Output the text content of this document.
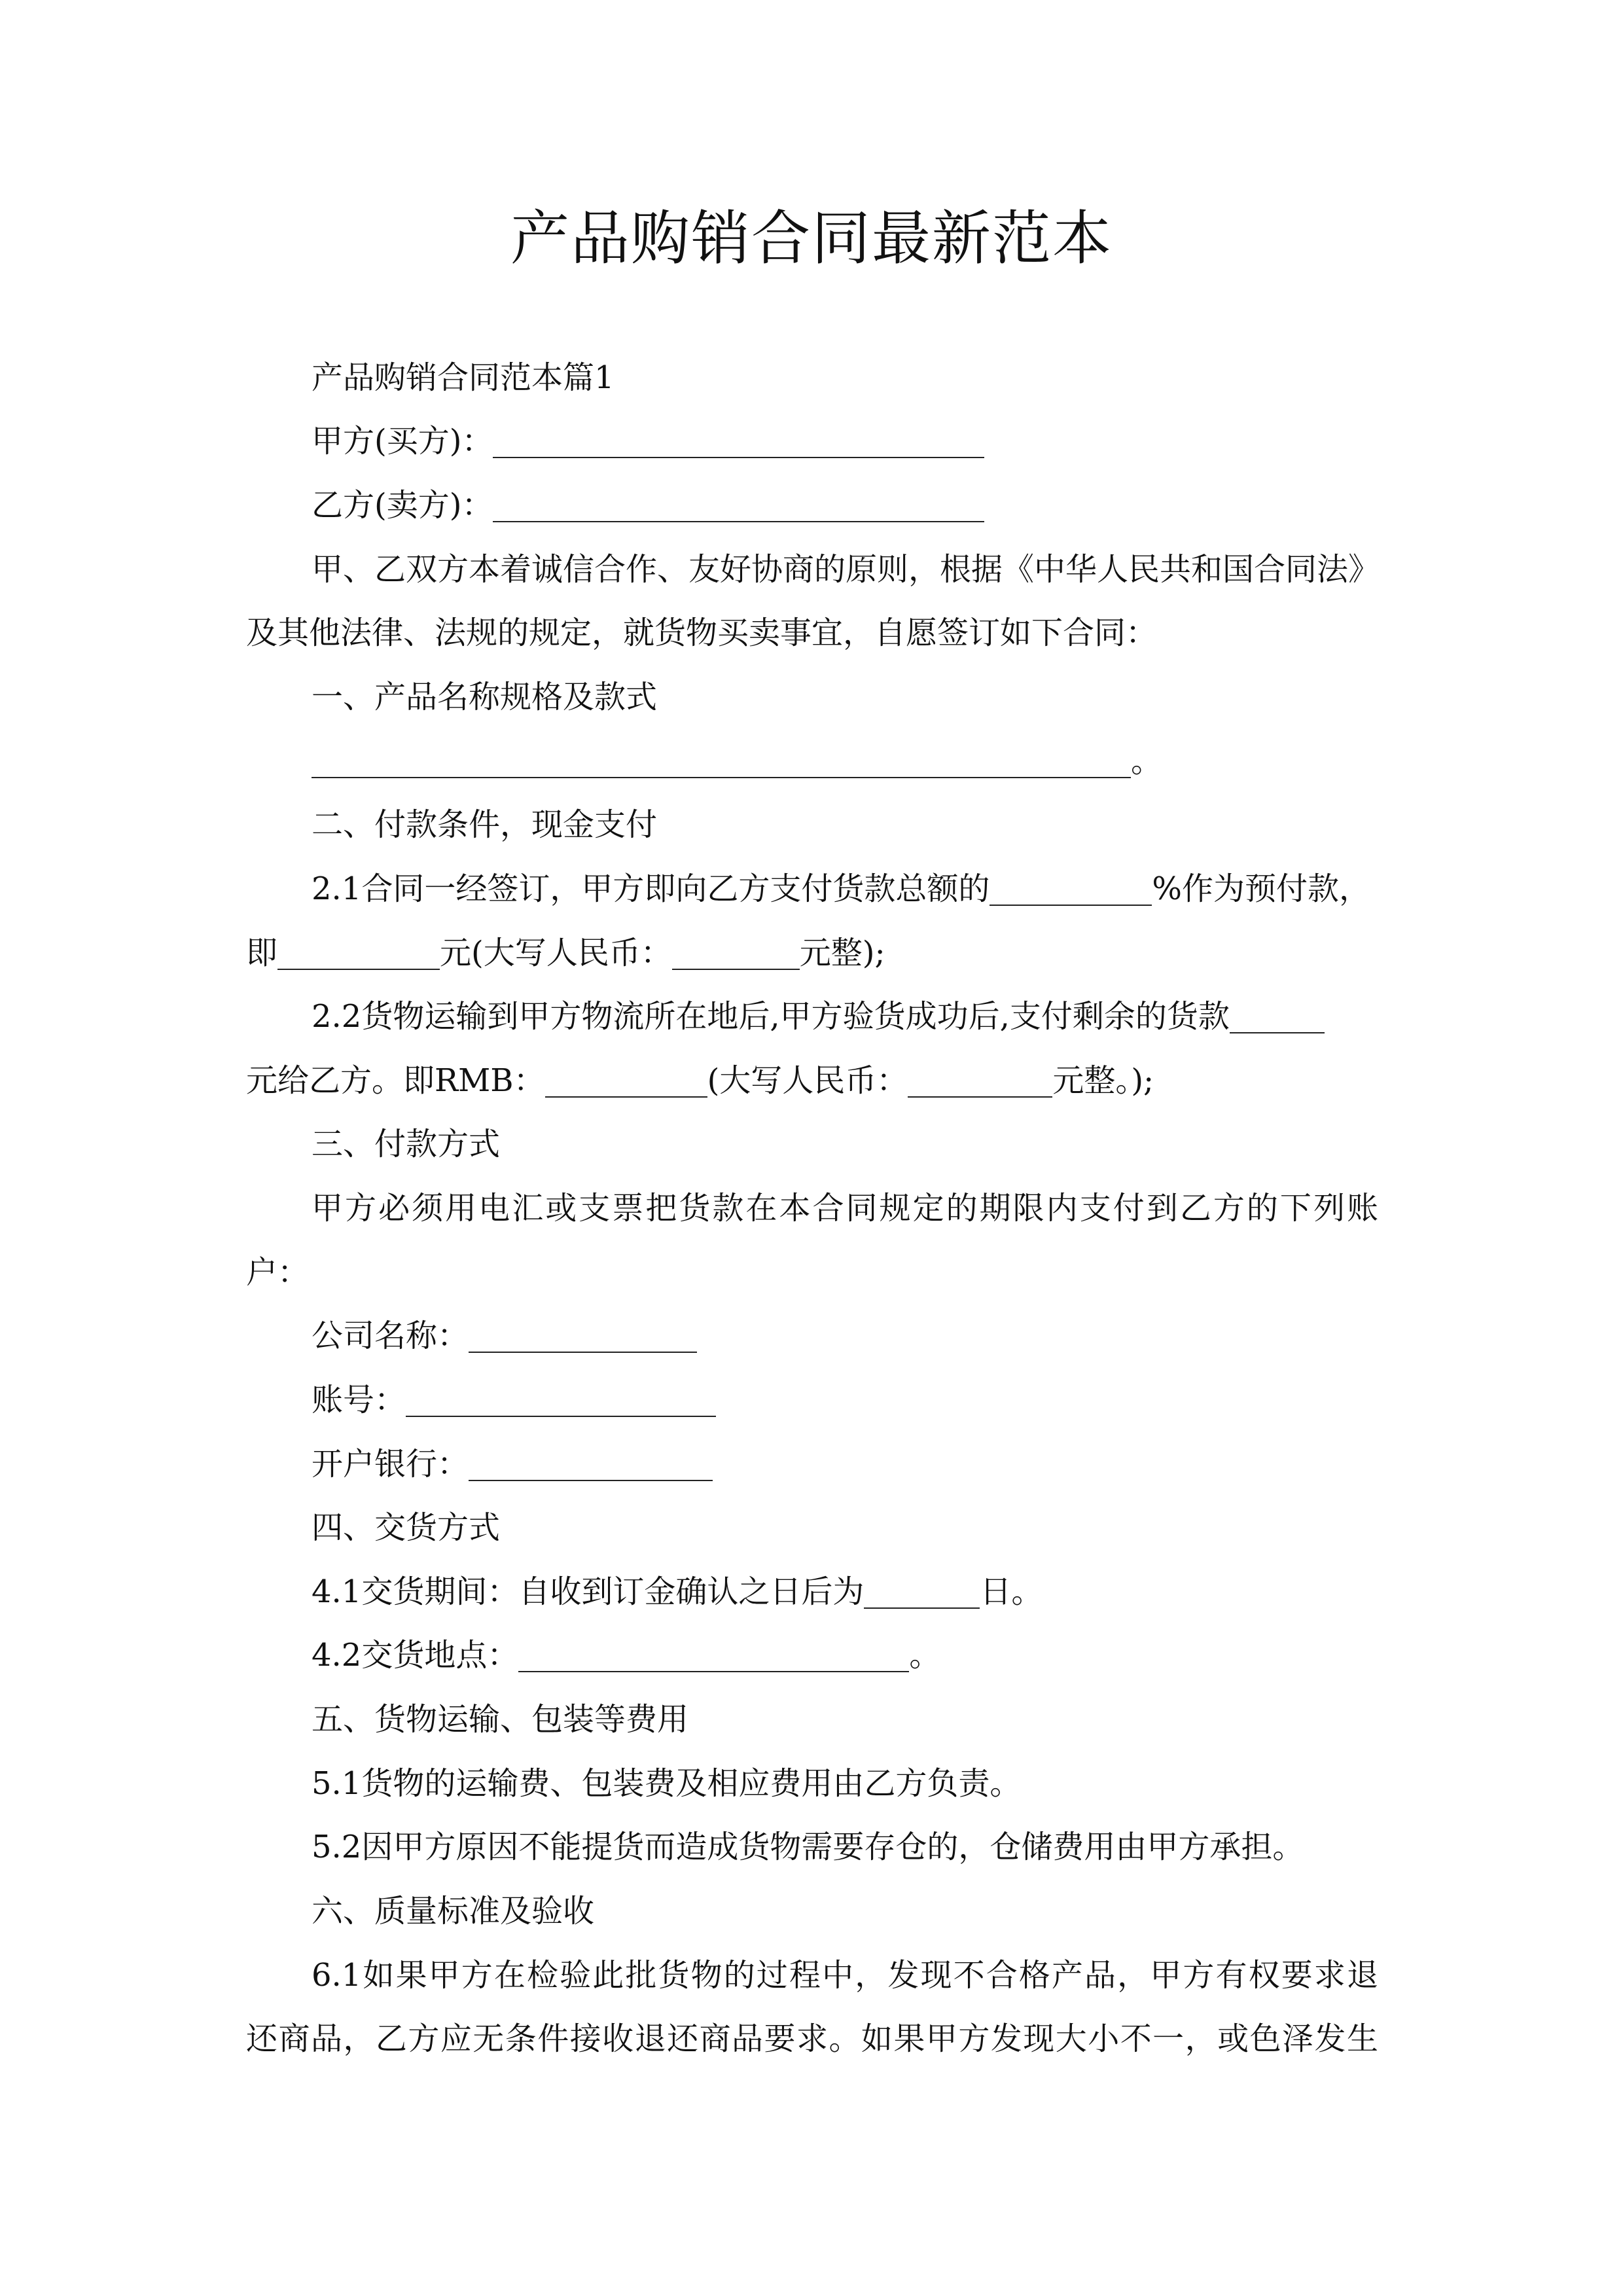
产品购销合同最新范本
产品购销合同范本篇1
甲方(买方)：
乙方(卖方)：
甲、乙双方本着诚信合作、友好协商的原则，根据《中华人民共和国合同法》
及其他法律、法规的规定，就货物买卖事宜，自愿签订如下合同：
一、产品名称规格及款式
。
二、付款条件，现金支付
2.1合同一经签订，甲方即向乙方支付货款总额的	%作为预付款，
即	元(大写人民币：	元整);
2.2货物运输到甲方物流所在地后,甲方验货成功后,支付剩余的货款
元给乙方。即RMB：	(大写人民币：	元整。);
三、付款方式
甲方必须用电汇或支票把货款在本合同规定的期限内支付到乙方的下列账
户：
公司名称：
账号：
开户银行：
四、交货方式
4.1交货期间：自收到订金确认之日后为	日。
4.2交货地点：	。
五、货物运输、包装等费用
5.1货物的运输费、包装费及相应费用由乙方负责。
5.2因甲方原因不能提货而造成货物需要存仓的，仓储费用由甲方承担。
六、质量标准及验收
6.1如果甲方在检验此批货物的过程中，发现不合格产品，甲方有权要求退
还商品，乙方应无条件接收退还商品要求。如果甲方发现大小不一，或色泽发生
